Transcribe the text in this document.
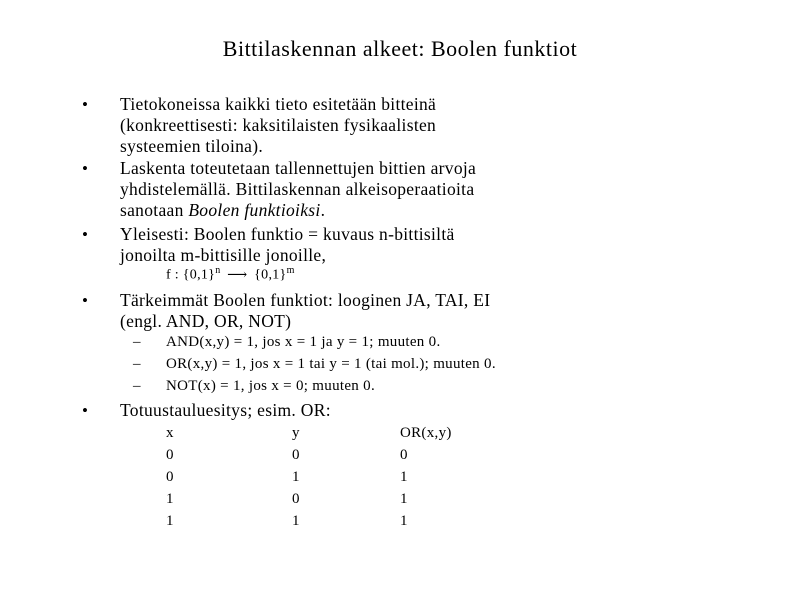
Bittilaskennan alkeet: Boolen funktiot
• Tietokoneissa kaikki tieto esitetään bitteinä
(konkreettisesti: kaksitilaisten fysikaalisten
systeemien tiloina).
• Laskenta toteutetaan tallennettujen bittien arvoja
yhdistelemällä. Bittilaskennan alkeisoperaatioita
sanotaan Boolen funktioiksi.
• Yleisesti: Boolen funktio = kuvaus n-bittisiltä
jonoilta m-bittisille jonoille,
f : $\{0,1\}^n$ ⟶ $\{0,1\}^m$
• Tärkeimmät Boolen funktiot: looginen JA, TAI, EI
(engl. AND, OR, NOT)
– AND(x,y) = 1, jos x = 1 ja y = 1; muuten 0.
– OR(x,y) = 1, jos x = 1 tai y = 1 (tai mol.); muuten 0.
– NOT(x) = 1, jos x = 0; muuten 0.
• Totuustauluesitys; esim. OR:
x	y	OR(x,y)
0	0	0
0	1	1
1	0	1
1	1	1
